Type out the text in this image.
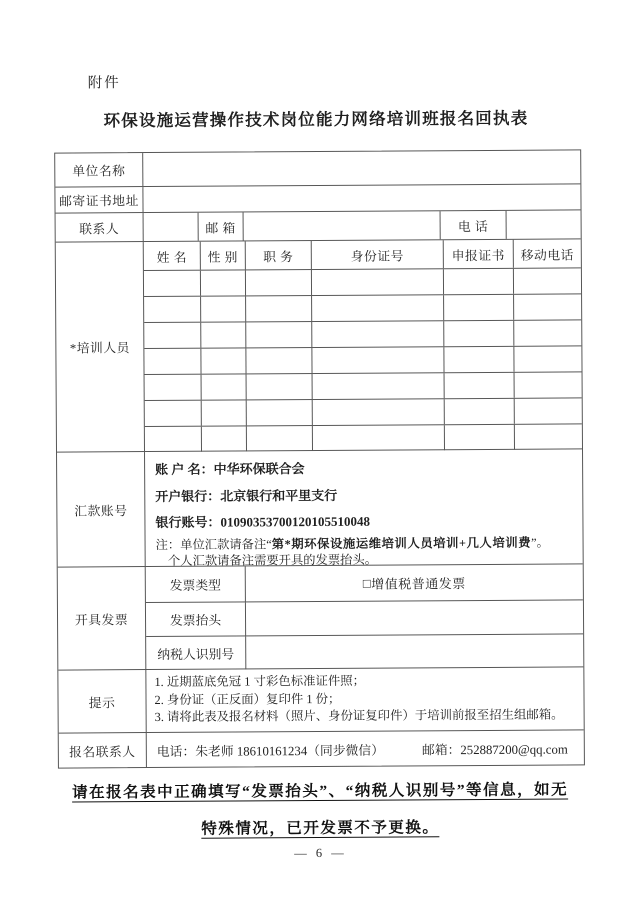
附件
环保设施运营操作技术岗位能力网络培训班报名回执表
单位名称
邮寄证书地址
联系人	邮 箱	电 话
*培训人员
姓 名	性 别	职 务	身份证号	申报证书	移动电话
汇款账号
账 户 名：中华环保联合会
开户银行：北京银行和平里支行
银行账号：01090353700120105510048
注：单位汇款请备注“第*期环保设施运维培训人员培训+几人培训费”。
个人汇款请备注需要开具的发票抬头。
开具发票
发票类型	□ 增值税普通发票
发票抬头
纳税人识别号
提示
1. 近期蓝底免冠 1 寸彩色标准证件照；
2. 身份证（正反面）复印件 1 份；
3. 请将此表及报名材料（照片、身份证复印件）于培训前报至招生组邮箱。
报名联系人	电话：朱老师 18610161234（同步微信）	邮箱：252887200@qq.com
请在报名表中正确填写“发票抬头”、“纳税人识别号”等信息，如无
特殊情况，已开发票不予更换。
— 6 —
